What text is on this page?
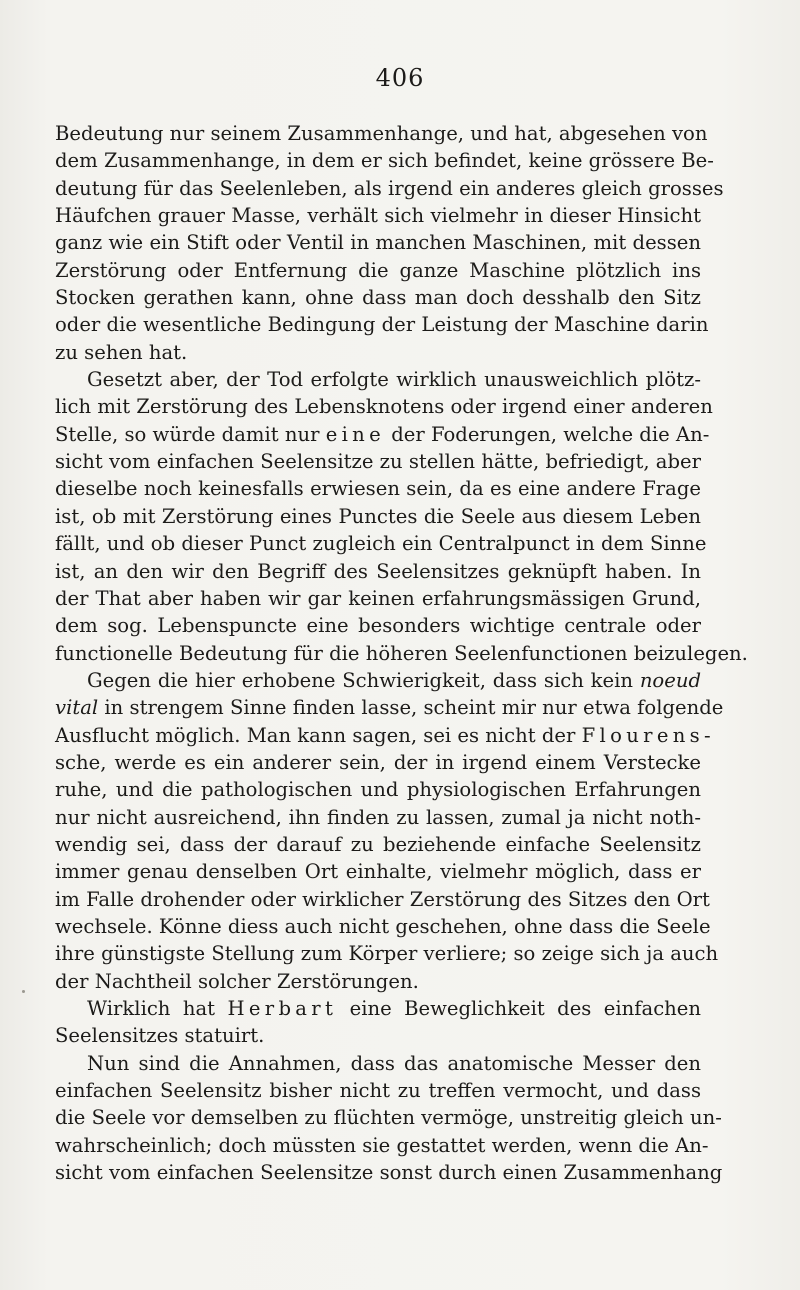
406
Bedeutung nur seinem Zusammenhange, und hat, abgesehen von
dem Zusammenhange, in dem er sich befindet, keine grössere Be-
deutung für das Seelenleben, als irgend ein anderes gleich grosses
Häufchen grauer Masse, verhält sich vielmehr in dieser Hinsicht
ganz wie ein Stift oder Ventil in manchen Maschinen, mit dessen
Zerstörung oder Entfernung die ganze Maschine plötzlich ins
Stocken gerathen kann, ohne dass man doch desshalb den Sitz
oder die wesentliche Bedingung der Leistung der Maschine darin
zu sehen hat.
Gesetzt aber, der Tod erfolgte wirklich unausweichlich plötz-
lich mit Zerstörung des Lebensknotens oder irgend einer anderen
Stelle, so würde damit nur eine der Foderungen, welche die An-
sicht vom einfachen Seelensitze zu stellen hätte, befriedigt, aber
dieselbe noch keinesfalls erwiesen sein, da es eine andere Frage
ist, ob mit Zerstörung eines Punctes die Seele aus diesem Leben
fällt, und ob dieser Punct zugleich ein Centralpunct in dem Sinne
ist, an den wir den Begriff des Seelensitzes geknüpft haben. In
der That aber haben wir gar keinen erfahrungsmässigen Grund,
dem sog. Lebenspuncte eine besonders wichtige centrale oder
functionelle Bedeutung für die höheren Seelenfunctionen beizulegen.
Gegen die hier erhobene Schwierigkeit, dass sich kein noeud
vital in strengem Sinne finden lasse, scheint mir nur etwa folgende
Ausflucht möglich. Man kann sagen, sei es nicht der Flourens-
sche, werde es ein anderer sein, der in irgend einem Verstecke
ruhe, und die pathologischen und physiologischen Erfahrungen
nur nicht ausreichend, ihn finden zu lassen, zumal ja nicht noth-
wendig sei, dass der darauf zu beziehende einfache Seelensitz
immer genau denselben Ort einhalte, vielmehr möglich, dass er
im Falle drohender oder wirklicher Zerstörung des Sitzes den Ort
wechsele. Könne diess auch nicht geschehen, ohne dass die Seele
ihre günstigste Stellung zum Körper verliere; so zeige sich ja auch
der Nachtheil solcher Zerstörungen.
Wirklich hat Herbart eine Beweglichkeit des einfachen
Seelensitzes statuirt.
Nun sind die Annahmen, dass das anatomische Messer den
einfachen Seelensitz bisher nicht zu treffen vermocht, und dass
die Seele vor demselben zu flüchten vermöge, unstreitig gleich un-
wahrscheinlich; doch müssten sie gestattet werden, wenn die An-
sicht vom einfachen Seelensitze sonst durch einen Zusammenhang
